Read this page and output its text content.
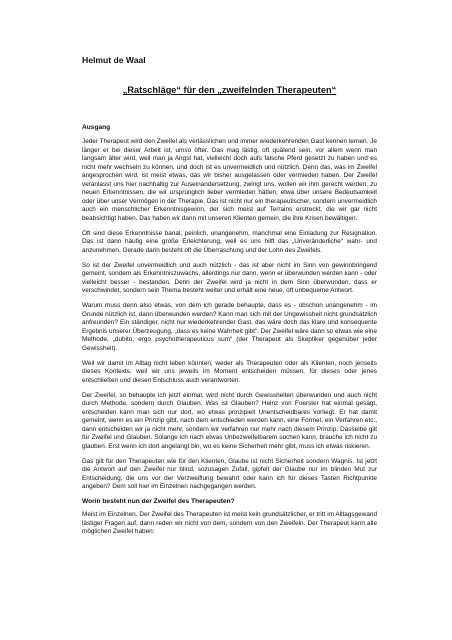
Helmut de Waal
„Ratschläge“ für den „zweifelnden Therapeuten“
Ausgang

Jeder Therapeut wird den Zweifel als verlässlichen und immer wiederkehrenden Gast kennen lernen. Je länger er bei dieser Arbeit ist, umso öfter. Das mag lästig, oft quälend sein, vor allem wenn man langsam älter wird, weil man ja Angst hat, vielleicht doch aufs falsche Pferd gesetzt zu haben und es nicht mehr wechseln zu können, und doch ist es unvermeidlich und nützlich. Denn das, was im Zweifel angesprochen wird, ist meist etwas, das wir bisher ausgelassen oder vermieden haben. Der Zweifel veranlasst uns hier nachhaltig zur Auseinandersetzung, zwingt uns, wollen wir ihm gerecht werden, zu neuen Erkenntnissen, die wir ursprünglich lieber vermieden hätten, etwa über unsere Bedeutsamkeit oder über unser Vermögen in der Therapie. Das ist nicht nur ein therapeutischer, sondern unvermeidlich auch ein menschlicher Erkenntnisgewinn, der sich meist auf Terrains erstreckt, die wir gar nicht beabsichtigt haben. Das haben wir dann mit unseren Klienten gemein, die ihre Krisen bewältigen.

Oft sind diese Erkenntnisse banal, peinlich, unangenehm, manchmal eine Einladung zur Resignation. Das ist dann häufig eine große Erleichterung, weil es uns hilft das „Unveränderliche“ wahr- und anzunehmen. Gerade darin besteht oft die Überraschung und der Lohn des Zweifels.

So ist der Zweifel unvermeidlich und auch nützlich - das ist aber nicht im Sinn von gewinnbringend gemeint, sondern als Erkenntniszuwachs, allerdings nur dann, wenn er überwunden werden kann - oder vielleicht besser - bestanden. Denn der Zweifel wird ja nicht in dem Sinn überwunden, dass er verschwindet, sondern sein Thema besteht weiter und erhält eine neue, oft unbequeme Antwort.

Warum muss denn also etwas, von dem ich gerade behaupte, dass es - obschon unangenehm - im Grunde nützlich ist, dann überwunden werden? Kann man sich mit der Ungewissheit nicht grundsätzlich anfreunden? Ein ständiger, nicht nur wiederkehrender Gast, das wäre doch das klare und konsequente Ergebnis unserer Überzeugung, „dass es keine Wahrheit gibt“. Der Zweifel wäre dann so etwas wie eine Methode, „dubito, ergo psychotherapeuticus sum“ (der Therapeut als Skeptiker gegenüber jeder Gewissheit).

Weil wir damit im Alltag nicht leben könnten, weder als Therapeuten oder als Klienten, noch jenseits dieses Kontexts, weil wir uns jeweils im Moment entscheiden müssen, für dieses oder jenes entschließen und diesen Entschluss auch verantworten.

Der Zweifel, so behaupte ich jetzt einmal, wird nicht durch Gewissheiten überwunden und auch nicht durch Methode, sondern durch Glauben. Was ist Glauben? Heinz von Foerster hat einmal gesagt, entscheiden kann man sich nur dort, wo etwas prinzipiell Unentscheidbares vorliegt. Er hat damit gemeint, wenn es ein Prinzip gibt, nach dem entschieden werden kann, eine Formel, ein Verfahren etc., dann entscheiden wir ja nicht mehr, sondern wir verfahren nur mehr nach diesem Prinzip. Dasselbe gilt für Zweifel und Glauben. Solange ich nach etwas Unbezweifelbarem suchen kann, brauche ich nicht zu glauben. Erst wenn ich dort angelangt bin, wo es keine Sicherheit mehr gibt, muss ich etwas riskieren.

Das gilt für den Therapeuten wie für den Klienten, Glaube ist nicht Sicherheit sondern Wagnis. Ist jetzt die Antwort auf den Zweifel nur blind, sozusagen Zufall, gipfelt der Glaube nur im blinden Mut zur Entscheidung, die uns vor der Verzweiflung bewahrt oder kann ich für dieses Tasten Richtpunkte angeben? Dem soll hier im Einzelnen nachgegangen werden.

Worin besteht nun der Zweifel des Therapeuten?

Meist im Einzelnen. Der Zweifel des Therapeuten ist meist kein grundsätzlicher, er tritt im Alltagsgewand lästiger Fragen auf, dann reden wir nicht von dem, sondern von den Zweifeln. Der Therapeut kann alle möglichen Zweifel haben:
